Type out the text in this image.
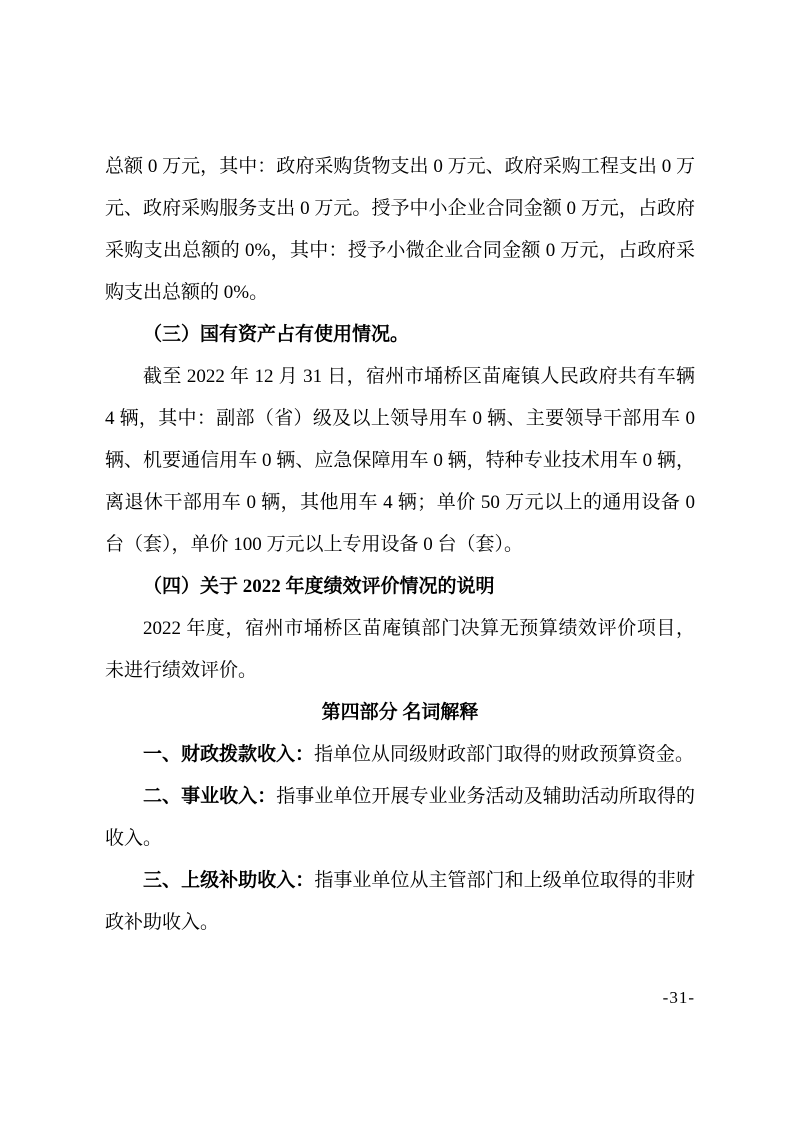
总额 0 万元，其中：政府采购货物支出 0 万元、政府采购工程支出 0 万元、政府采购服务支出 0 万元。授予中小企业合同金额 0 万元，占政府采购支出总额的 0%，其中：授予小微企业合同金额 0 万元，占政府采购支出总额的 0%。

（三）国有资产占有使用情况。

截至 2022 年 12 月 31 日，宿州市埇桥区苗庵镇人民政府共有车辆 4 辆，其中：副部（省）级及以上领导用车 0 辆、主要领导干部用车 0 辆、机要通信用车 0 辆、应急保障用车 0 辆，特种专业技术用车 0 辆，离退休干部用车 0 辆，其他用车 4 辆；单价 50 万元以上的通用设备 0 台（套），单价 100 万元以上专用设备 0 台（套）。

（四）关于 2022 年度绩效评价情况的说明

2022 年度，宿州市埇桥区苗庵镇部门决算无预算绩效评价项目，未进行绩效评价。

第四部分 名词解释

一、财政拨款收入：指单位从同级财政部门取得的财政预算资金。

二、事业收入：指事业单位开展专业业务活动及辅助活动所取得的收入。

三、上级补助收入：指事业单位从主管部门和上级单位取得的非财政补助收入。

-31-
